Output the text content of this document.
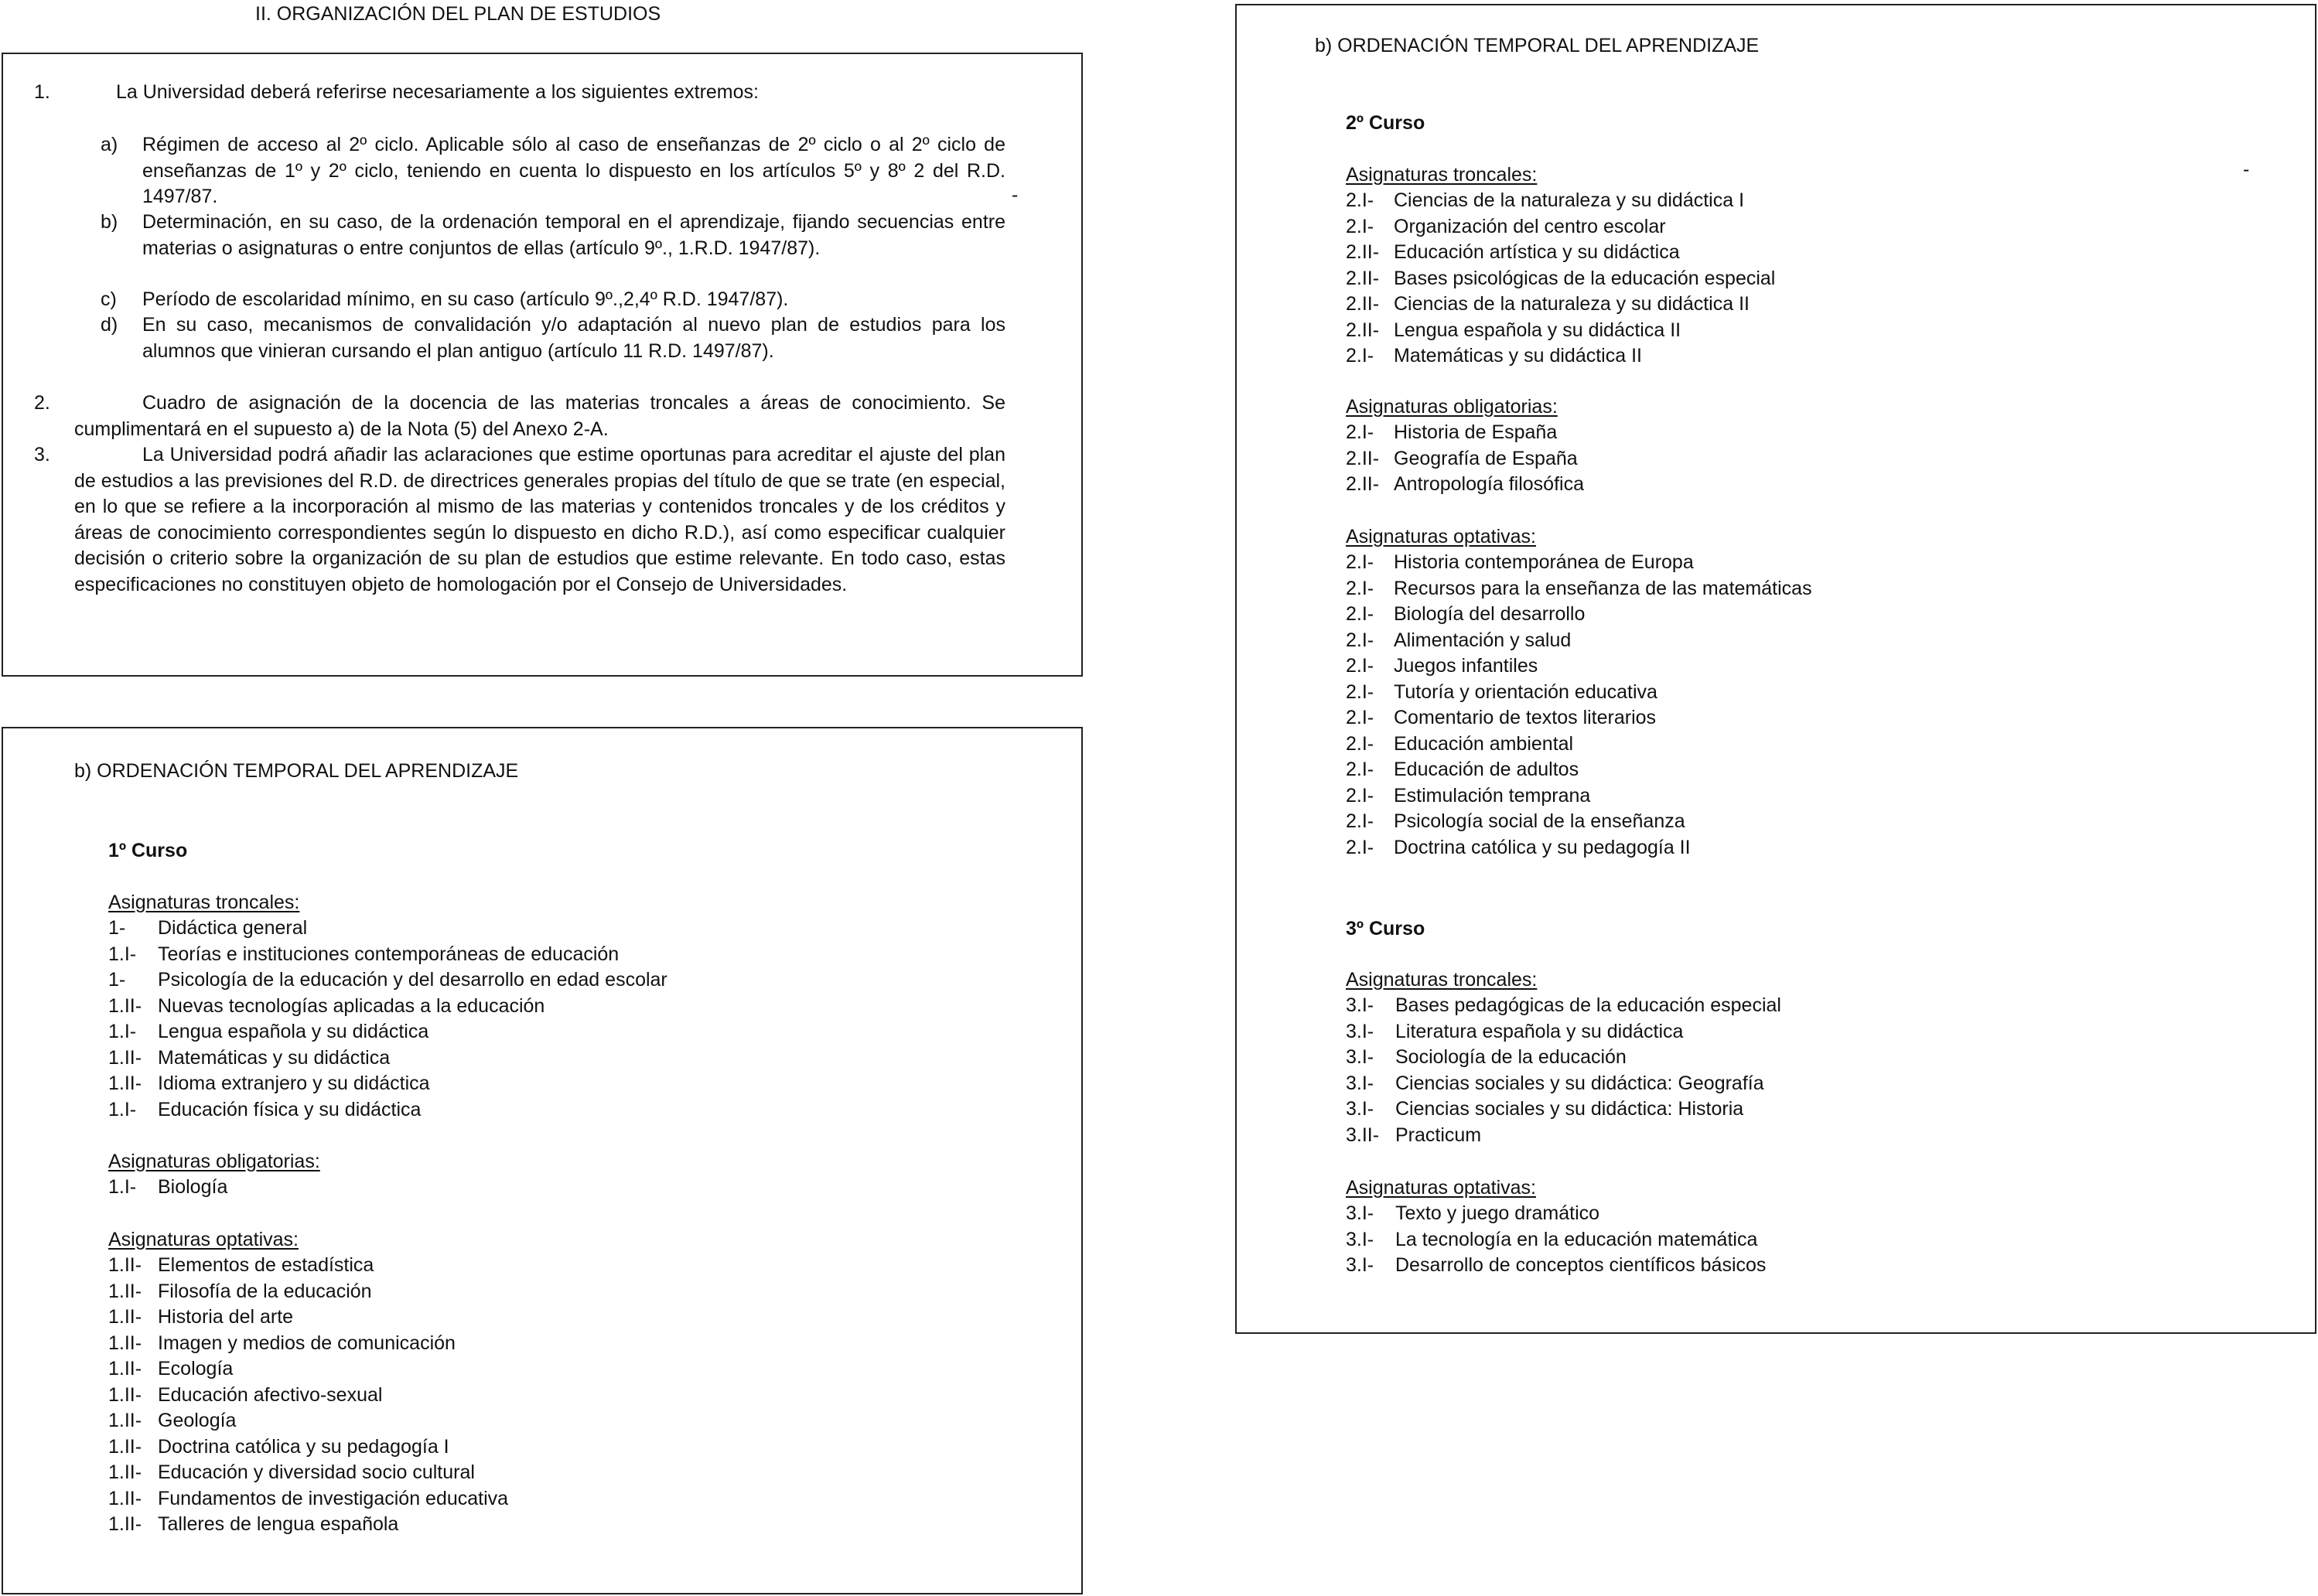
II. ORGANIZACIÓN DEL PLAN DE ESTUDIOS
1.	La Universidad deberá referirse necesariamente a los siguientes extremos:
a) Régimen de acceso al 2º ciclo. Aplicable sólo al caso de enseñanzas de 2º ciclo o al 2º ciclo de enseñanzas de 1º y 2º ciclo, teniendo en cuenta lo dispuesto en los artículos 5º y 8º 2 del R.D. 1497/87.
b) Determinación, en su caso, de la ordenación temporal en el aprendizaje, fijando secuencias entre materias o asignaturas o entre conjuntos de ellas (artículo 9º., 1.R.D. 1947/87).
c) Período de escolaridad mínimo, en su caso (artículo 9º.,2,4º R.D. 1947/87).
d) En su caso, mecanismos de convalidación y/o adaptación al nuevo plan de estudios para los alumnos que vinieran cursando el plan antiguo (artículo 11 R.D. 1497/87).
-
2.	Cuadro de asignación de la docencia de las materias troncales a áreas de conocimiento. Se cumplimentará en el supuesto a) de la Nota (5) del Anexo 2-A.
3.	La Universidad podrá añadir las aclaraciones que estime oportunas para acreditar el ajuste del plan de estudios a las previsiones del R.D. de directrices generales propias del título de que se trate (en especial, en lo que se refiere a la incorporación al mismo de las materias y contenidos troncales y de los créditos y áreas de conocimiento correspondientes según lo dispuesto en dicho R.D.), así como especificar cualquier decisión o criterio sobre la organización de su plan de estudios que estime relevante. En todo caso, estas especificaciones no constituyen objeto de homologación por el Consejo de Universidades.
b) ORDENACIÓN TEMPORAL DEL APRENDIZAJE
1º Curso
Asignaturas troncales:
1- Didáctica general
1.I- Teorías e instituciones contemporáneas de educación
1- Psicología de la educación y del desarrollo en edad escolar
1.II- Nuevas tecnologías aplicadas a la educación
1.I- Lengua española y su didáctica
1.II- Matemáticas y su didáctica
1.II- Idioma extranjero y su didáctica
1.I- Educación física y su didáctica
Asignaturas obligatorias:
1.I- Biología
Asignaturas optativas:
1.II- Elementos de estadística
1.II- Filosofía de la educación
1.II- Historia del arte
1.II- Imagen y medios de comunicación
1.II- Ecología
1.II- Educación afectivo-sexual
1.II- Geología
1.II- Doctrina católica y su pedagogía I
1.II- Educación y diversidad socio cultural
1.II- Fundamentos de investigación educativa
1.II- Talleres de lengua española
b) ORDENACIÓN TEMPORAL DEL APRENDIZAJE
2º Curso
Asignaturas troncales:
2.I- Ciencias de la naturaleza y su didáctica I
2.I- Organización del centro escolar
2.II- Educación artística y su didáctica
2.II- Bases psicológicas de la educación especial
2.II- Ciencias de la naturaleza y su didáctica II
2.II- Lengua española y su didáctica II
2.I- Matemáticas y su didáctica II
Asignaturas obligatorias:
2.I- Historia de España
2.II- Geografía de España
2.II- Antropología filosófica
Asignaturas optativas:
2.I- Historia contemporánea de Europa
2.I- Recursos para la enseñanza de las matemáticas
2.I- Biología del desarrollo
2.I- Alimentación y salud
2.I- Juegos infantiles
2.I- Tutoría y orientación educativa
2.I- Comentario de textos literarios
2.I- Educación ambiental
2.I- Educación de adultos
2.I- Estimulación temprana
2.I- Psicología social de la enseñanza
2.I- Doctrina católica y su pedagogía II
3º Curso
Asignaturas troncales:
3.I- Bases pedagógicas de la educación especial
3.I- Literatura española y su didáctica
3.I- Sociología de la educación
3.I- Ciencias sociales y su didáctica: Geografía
3.I- Ciencias sociales y su didáctica: Historia
3.II- Practicum
Asignaturas optativas:
3.I- Texto y juego dramático
3.I- La tecnología en la educación matemática
3.I- Desarrollo de conceptos científicos básicos
-
